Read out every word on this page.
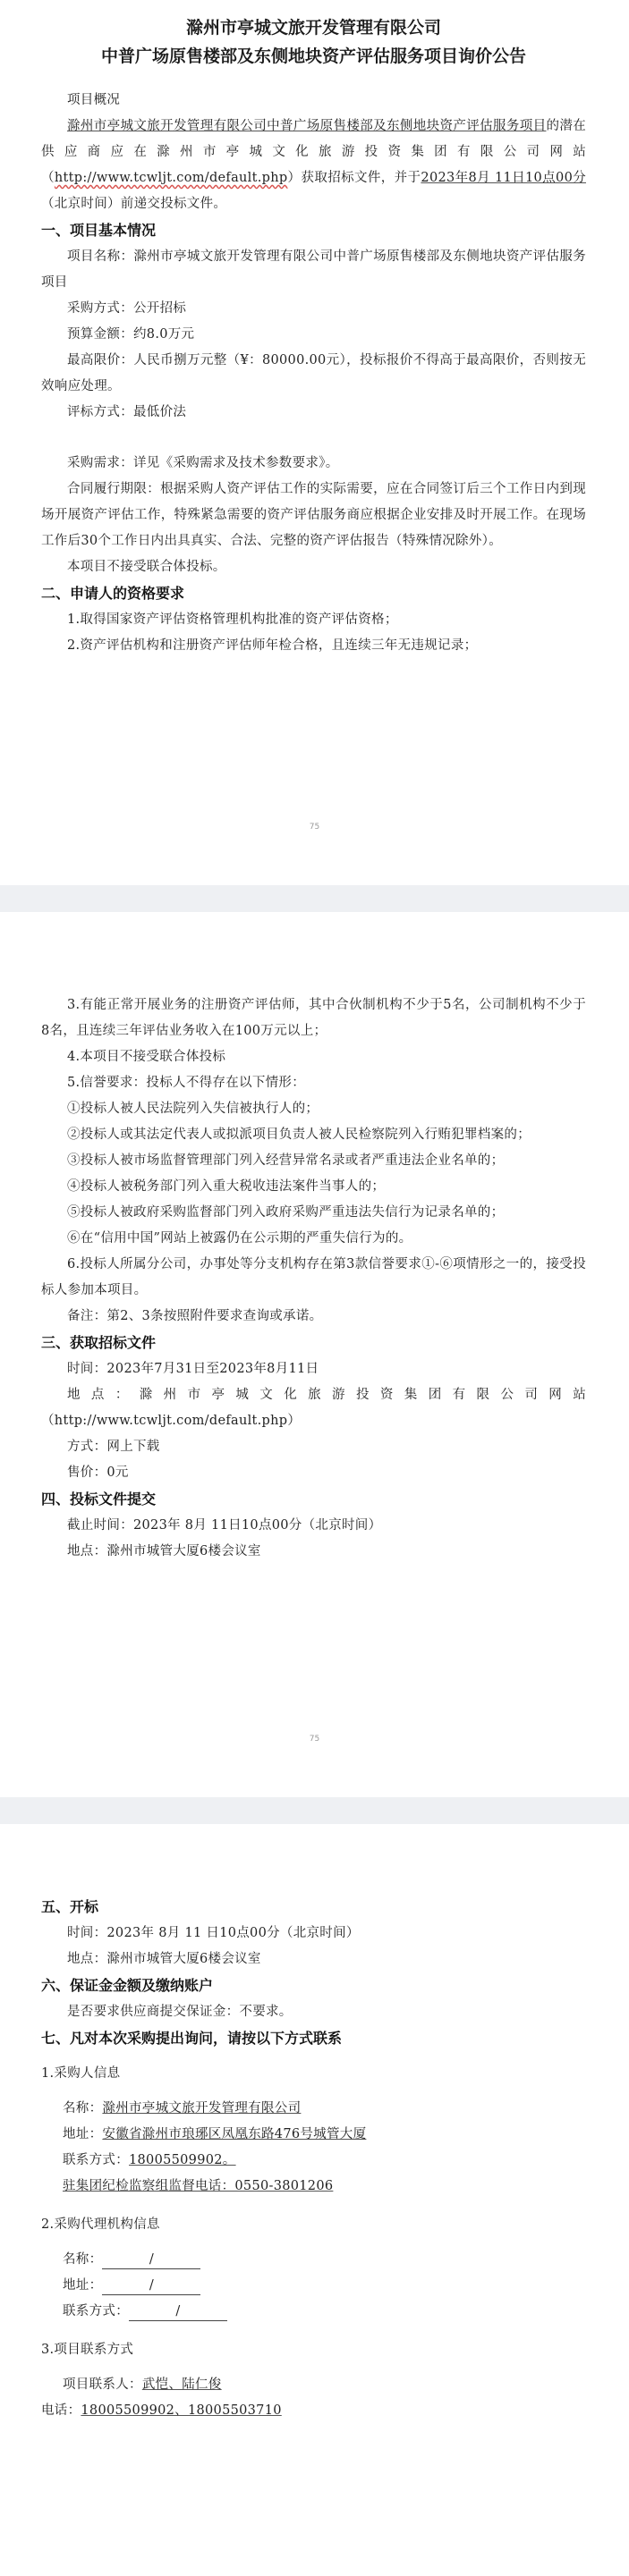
滁州市亭城文旅开发管理有限公司
中普广场原售楼部及东侧地块资产评估服务项目询价公告

项目概况

滁州市亭城文旅开发管理有限公司中普广场原售楼部及东侧地块资产评估服务项目的潜在供应商应在滁州市亭城文化旅游投资集团有限公司网站（http://www.tcwljt.com/default.php）获取招标文件，并于2023年8月 11日10点00分（北京时间）前递交投标文件。

一、项目基本情况

项目名称：滁州市亭城文旅开发管理有限公司中普广场原售楼部及东侧地块资产评估服务项目

采购方式：公开招标

预算金额：约8.0万元

最高限价：人民币捌万元整（¥：80000.00元），投标报价不得高于最高限价，否则按无效响应处理。

评标方式：最低价法

采购需求：详见《采购需求及技术参数要求》。

合同履行期限：根据采购人资产评估工作的实际需要，应在合同签订后三个工作日内到现场开展资产评估工作，特殊紧急需要的资产评估服务商应根据企业安排及时开展工作。在现场工作后30个工作日内出具真实、合法、完整的资产评估报告（特殊情况除外）。

本项目不接受联合体投标。

二、申请人的资格要求

1.取得国家资产评估资格管理机构批准的资产评估资格；

2.资产评估机构和注册资产评估师年检合格，且连续三年无违规记录；

75

3.有能正常开展业务的注册资产评估师，其中合伙制机构不少于5名，公司制机构不少于8名，且连续三年评估业务收入在100万元以上；

4.本项目不接受联合体投标

5.信誉要求：投标人不得存在以下情形：

①投标人被人民法院列入失信被执行人的；

②投标人或其法定代表人或拟派项目负责人被人民检察院列入行贿犯罪档案的；

③投标人被市场监督管理部门列入经营异常名录或者严重违法企业名单的；

④投标人被税务部门列入重大税收违法案件当事人的；

⑤投标人被政府采购监督部门列入政府采购严重违法失信行为记录名单的；

⑥在“信用中国”网站上被露仍在公示期的严重失信行为的。

6.投标人所属分公司，办事处等分支机构存在第3款信誉要求①-⑥项情形之一的，接受投标人参加本项目。

备注：第2、3条按照附件要求查询或承诺。

三、获取招标文件

时间：2023年7月31日至2023年8月11日

地点：滁州市亭城文化旅游投资集团有限公司网站（http://www.tcwljt.com/default.php）

方式：网上下载

售价：0元

四、投标文件提交

截止时间：2023年 8月 11日10点00分（北京时间）

地点：滁州市城管大厦6楼会议室

75

五、开标

时间：2023年 8月 11 日10点00分（北京时间）

地点：滁州市城管大厦6楼会议室

六、保证金金额及缴纳账户

是否要求供应商提交保证金：不要求。

七、凡对本次采购提出询问，请按以下方式联系

1.采购人信息

名称：滁州市亭城文旅开发管理有限公司

地址：安徽省滁州市琅琊区凤凰东路476号城管大厦

联系方式：18005509902。

驻集团纪检监察组监督电话：0550-3801206

2.采购代理机构信息

名称：	/

地址：	/

联系方式：	/

3.项目联系方式

项目联系人：武恺、陆仁俊

电话：18005509902、18005503710
